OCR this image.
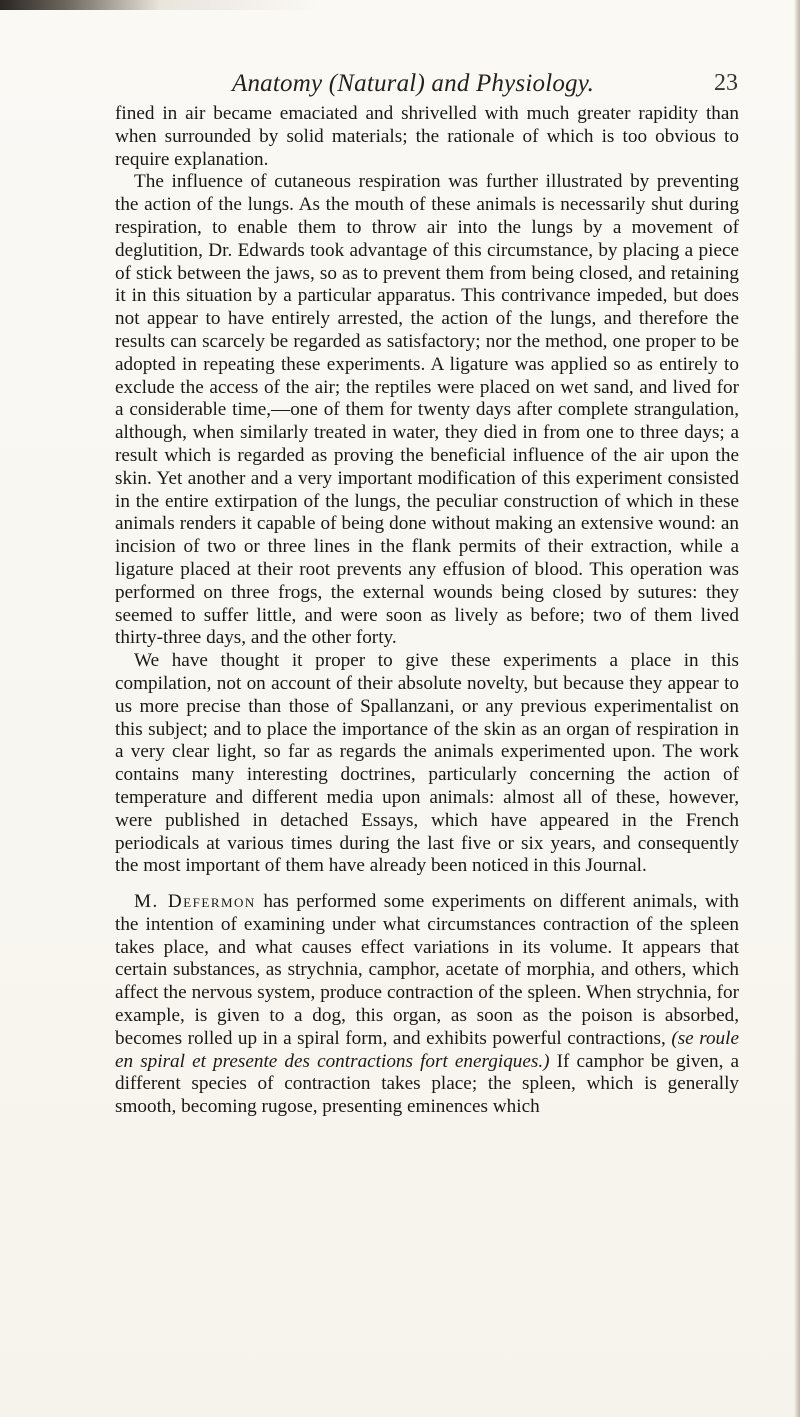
Anatomy (Natural) and Physiology.	23

fined in air became emaciated and shrivelled with much greater rapidity than when surrounded by solid materials; the rationale of which is too obvious to require explanation.

The influence of cutaneous respiration was further illustrated by preventing the action of the lungs. As the mouth of these animals is necessarily shut during respiration, to enable them to throw air into the lungs by a movement of deglutition, Dr. Edwards took advantage of this circumstance, by placing a piece of stick between the jaws, so as to prevent them from being closed, and retaining it in this situation by a particular apparatus. This contrivance impeded, but does not appear to have entirely arrested, the action of the lungs, and therefore the results can scarcely be regarded as satisfactory; nor the method, one proper to be adopted in repeating these experiments. A ligature was applied so as entirely to exclude the access of the air; the reptiles were placed on wet sand, and lived for a considerable time,—one of them for twenty days after complete strangulation, although, when similarly treated in water, they died in from one to three days; a result which is regarded as proving the beneficial influence of the air upon the skin. Yet another and a very important modification of this experiment consisted in the entire extirpation of the lungs, the peculiar construction of which in these animals renders it capable of being done without making an extensive wound: an incision of two or three lines in the flank permits of their extraction, while a ligature placed at their root prevents any effusion of blood. This operation was performed on three frogs, the external wounds being closed by sutures: they seemed to suffer little, and were soon as lively as before; two of them lived thirty-three days, and the other forty.

We have thought it proper to give these experiments a place in this compilation, not on account of their absolute novelty, but because they appear to us more precise than those of Spallanzani, or any previous experimentalist on this subject; and to place the importance of the skin as an organ of respiration in a very clear light, so far as regards the animals experimented upon. The work contains many interesting doctrines, particularly concerning the action of temperature and different media upon animals: almost all of these, however, were published in detached Essays, which have appeared in the French periodicals at various times during the last five or six years, and consequently the most important of them have already been noticed in this Journal.

M. Defermon has performed some experiments on different animals, with the intention of examining under what circumstances contraction of the spleen takes place, and what causes effect variations in its volume. It appears that certain substances, as strychnia, camphor, acetate of morphia, and others, which affect the nervous system, produce contraction of the spleen. When strychnia, for example, is given to a dog, this organ, as soon as the poison is absorbed, becomes rolled up in a spiral form, and exhibits powerful contractions, (se roule en spiral et presente des contractions fort energiques.) If camphor be given, a different species of contraction takes place; the spleen, which is generally smooth, becoming rugose, presenting eminences which
